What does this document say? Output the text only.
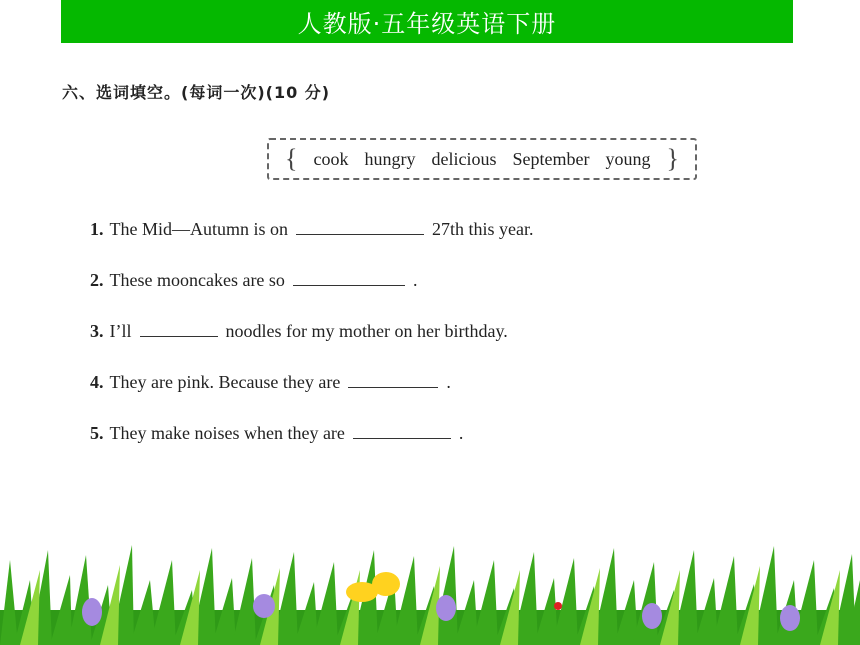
人教版·五年级英语下册
六、选词填空。(每词一次)(10 分)
{ cook hungry delicious September young }
1. The Mid—Autumn is on	27th this year.
2. These mooncakes are so	.
3. I’ll	noodles for my mother on her birthday.
4. They are pink. Because they are	.
5. They make noises when they are	.
